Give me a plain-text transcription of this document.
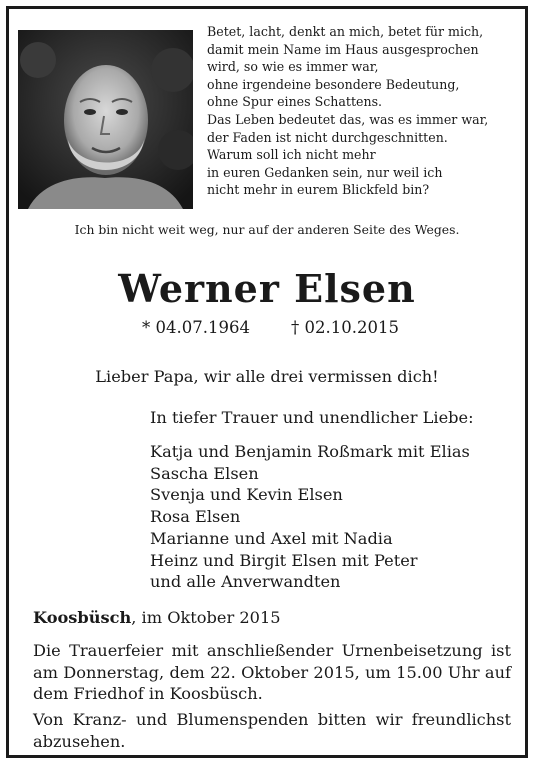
Betet, lacht, denkt an mich, betet für mich,
damit mein Name im Haus ausgesprochen
wird, so wie es immer war,
ohne irgendeine besondere Bedeutung,
ohne Spur eines Schattens.
Das Leben bedeutet das, was es immer war,
der Faden ist nicht durchgeschnitten.
Warum soll ich nicht mehr
in euren Gedanken sein, nur weil ich
nicht mehr in eurem Blickfeld bin?
Ich bin nicht weit weg, nur auf der anderen Seite des Weges.
Werner Elsen
* 04.07.1964 † 02.10.2015
Lieber Papa, wir alle drei vermissen dich!
In tiefer Trauer und unendlicher Liebe:
Katja und Benjamin Roßmark mit Elias
Sascha Elsen
Svenja und Kevin Elsen
Rosa Elsen
Marianne und Axel mit Nadia
Heinz und Birgit Elsen mit Peter
und alle Anverwandten
Koosbüsch, im Oktober 2015

Die Trauerfeier mit anschließender Urnenbeisetzung ist am Donnerstag, dem 22. Oktober 2015, um 15.00 Uhr auf dem Friedhof in Koosbüsch.

Von Kranz- und Blumenspenden bitten wir freundlichst abzusehen.
